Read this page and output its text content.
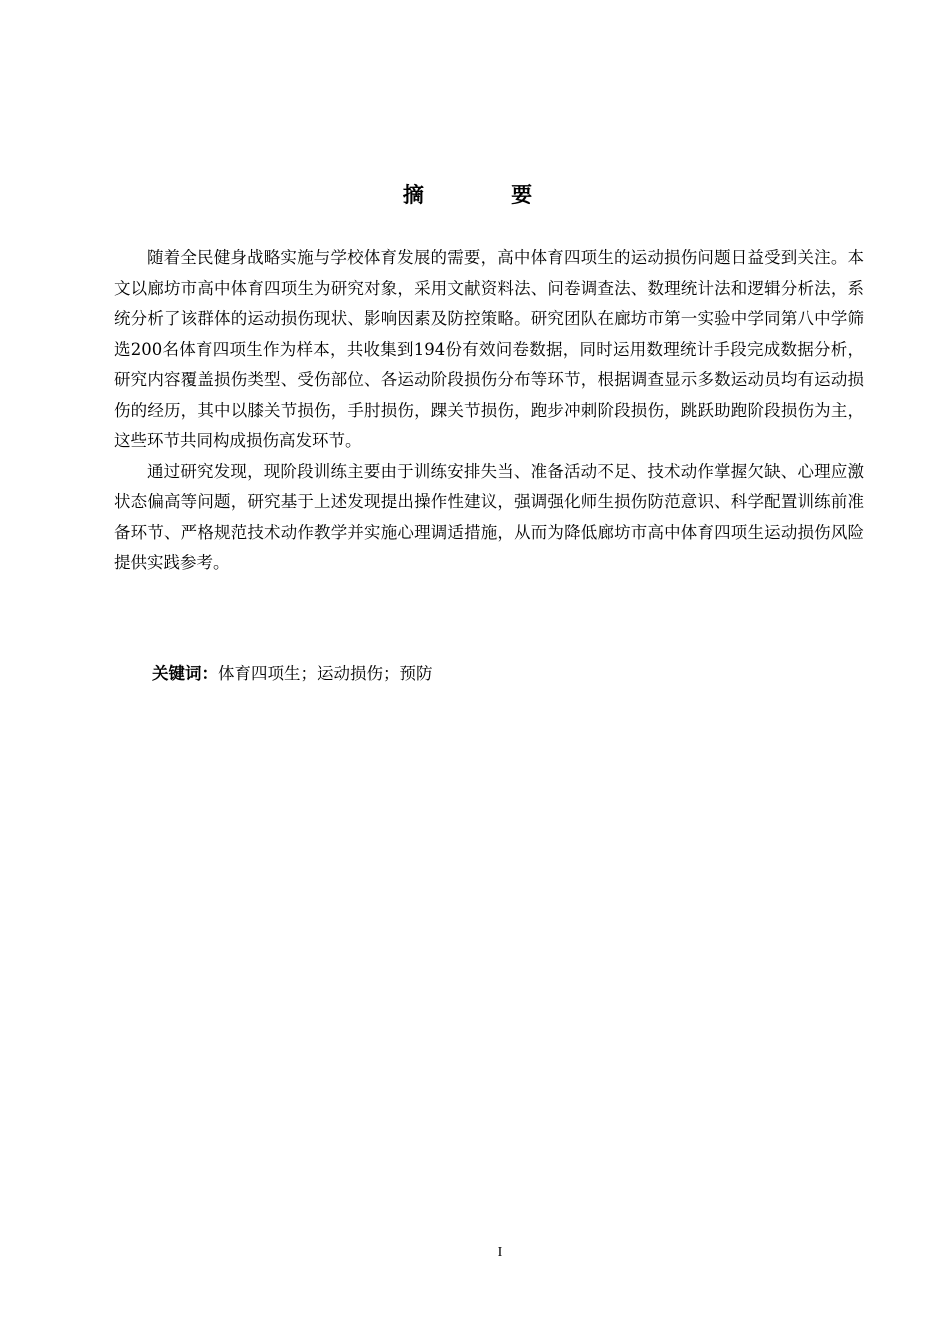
摘 要

随着全民健身战略实施与学校体育发展的需要，高中体育四项生的运动损伤问题日益受到关注。本文以廊坊市高中体育四项生为研究对象，采用文献资料法、问卷调查法、数理统计法和逻辑分析法，系统分析了该群体的运动损伤现状、影响因素及防控策略。研究团队在廊坊市第一实验中学同第八中学筛选200名体育四项生作为样本，共收集到194份有效问卷数据，同时运用数理统计手段完成数据分析，研究内容覆盖损伤类型、受伤部位、各运动阶段损伤分布等环节，根据调查显示多数运动员均有运动损伤的经历，其中以膝关节损伤，手肘损伤，踝关节损伤，跑步冲刺阶段损伤，跳跃助跑阶段损伤为主，这些环节共同构成损伤高发环节。

通过研究发现，现阶段训练主要由于训练安排失当、准备活动不足、技术动作掌握欠缺、心理应激状态偏高等问题，研究基于上述发现提出操作性建议，强调强化师生损伤防范意识、科学配置训练前准备环节、严格规范技术动作教学并实施心理调适措施，从而为降低廊坊市高中体育四项生运动损伤风险提供实践参考。

关键词：体育四项生；运动损伤；预防
I
